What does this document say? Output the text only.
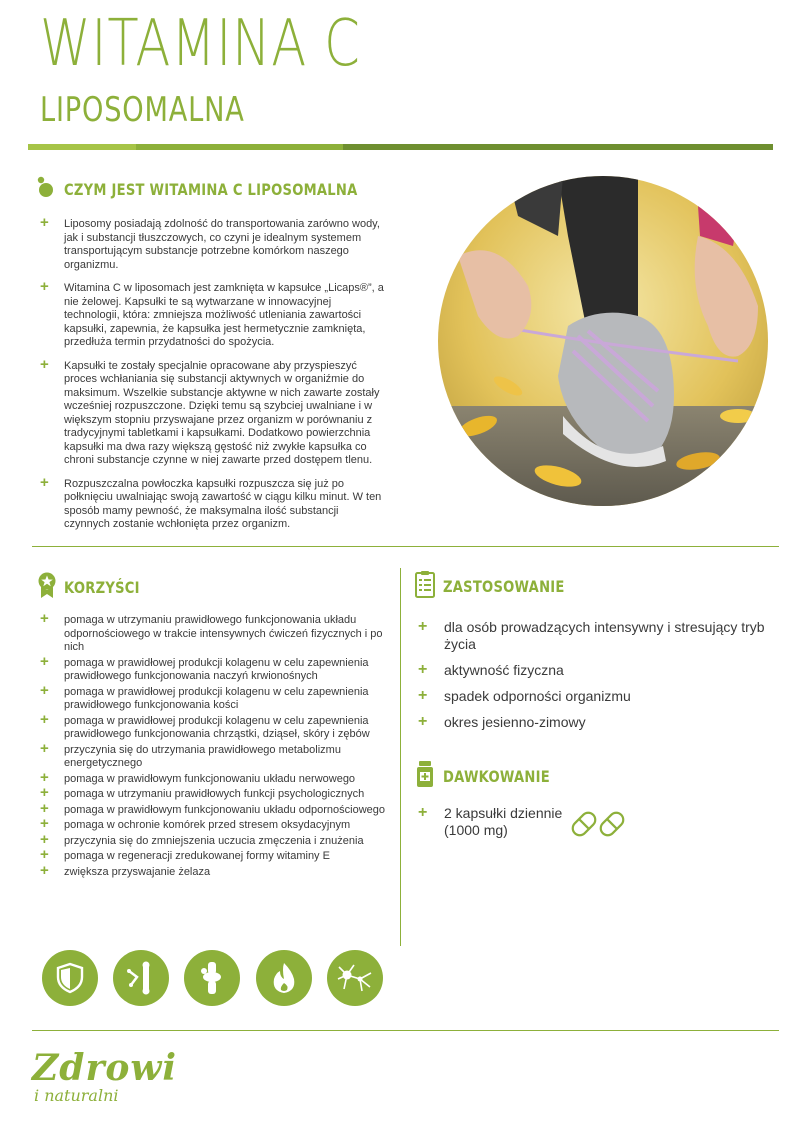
WITAMINA C
LIPOSOMALNA
CZYM JEST WITAMINA C LIPOSOMALNA
+ Liposomy posiadają zdolność do transportowania zarówno wody, jak i substancji tłuszczowych, co czyni je idealnym systemem transportującym substancje potrzebne komórkom naszego organizmu.
+ Witamina C w liposomach jest zamknięta w kapsułce „Licaps®”, a nie żelowej. Kapsułki te są wytwarzane w innowacyjnej technologii, która: zmniejsza możliwość utleniania zawartości kapsułki, zapewnia, że kapsułka jest hermetycznie zamknięta, przedłuża termin przydatności do spożycia.
+ Kapsułki te zostały specjalnie opracowane aby przyspieszyć proces wchłaniania się substancji aktywnych w organiźmie do maksimum. Wszelkie substancje aktywne w nich zawarte zostały wcześniej rozpuszczone. Dzięki temu są szybciej uwalniane i w większym stopniu przyswajane przez organizm w porównaniu z tradycyjnymi tabletkami i kapsułkami. Dodatkowo powierzchnia kapsułki ma dwa razy większą gęstość niż zwykłe kapsułka co chroni substancje czynne w niej zawarte przed dostępem tlenu.
+ Rozpuszczalna powłoczka kapsułki rozpuszcza się już po połknięciu uwalniając swoją zawartość w ciągu kilku minut. W ten sposób mamy pewność, że maksymalna ilość substancji czynnych zostanie wchłonięta przez organizm.
KORZYŚCI
+ pomaga w utrzymaniu prawidłowego funkcjonowania układu odpornościowego w trakcie intensywnych ćwiczeń fizycznych i po nich
+ pomaga w prawidłowej produkcji kolagenu w celu zapewnienia prawidłowego funkcjonowania naczyń krwionośnych
+ pomaga w prawidłowej produkcji kolagenu w celu zapewnienia prawidłowego funkcjonowania kości
+ pomaga w prawidłowej produkcji kolagenu w celu zapewnienia prawidłowego funkcjonowania chrząstki, dziąseł, skóry i zębów
+ przyczynia się do utrzymania prawidłowego metabolizmu energetycznego
+ pomaga w prawidłowym funkcjonowaniu układu nerwowego
+ pomaga w utrzymaniu prawidłowych funkcji psychologicznych
+ pomaga w prawidłowym funkcjonowaniu układu odpornościowego
+ pomaga w ochronie komórek przed stresem oksydacyjnym
+ przyczynia się do zmniejszenia uczucia zmęczenia i znużenia
+ pomaga w regeneracji zredukowanej formy witaminy E
+ zwiększa przyswajanie żelaza
ZASTOSOWANIE
+ dla osób prowadzących intensywny i stresujący tryb życia
+ aktywność fizyczna
+ spadek odporności organizmu
+ okres jesienno-zimowy
DAWKOWANIE
+ 2 kapsułki dziennie (1000 mg)
Zdrowi
i naturalni
